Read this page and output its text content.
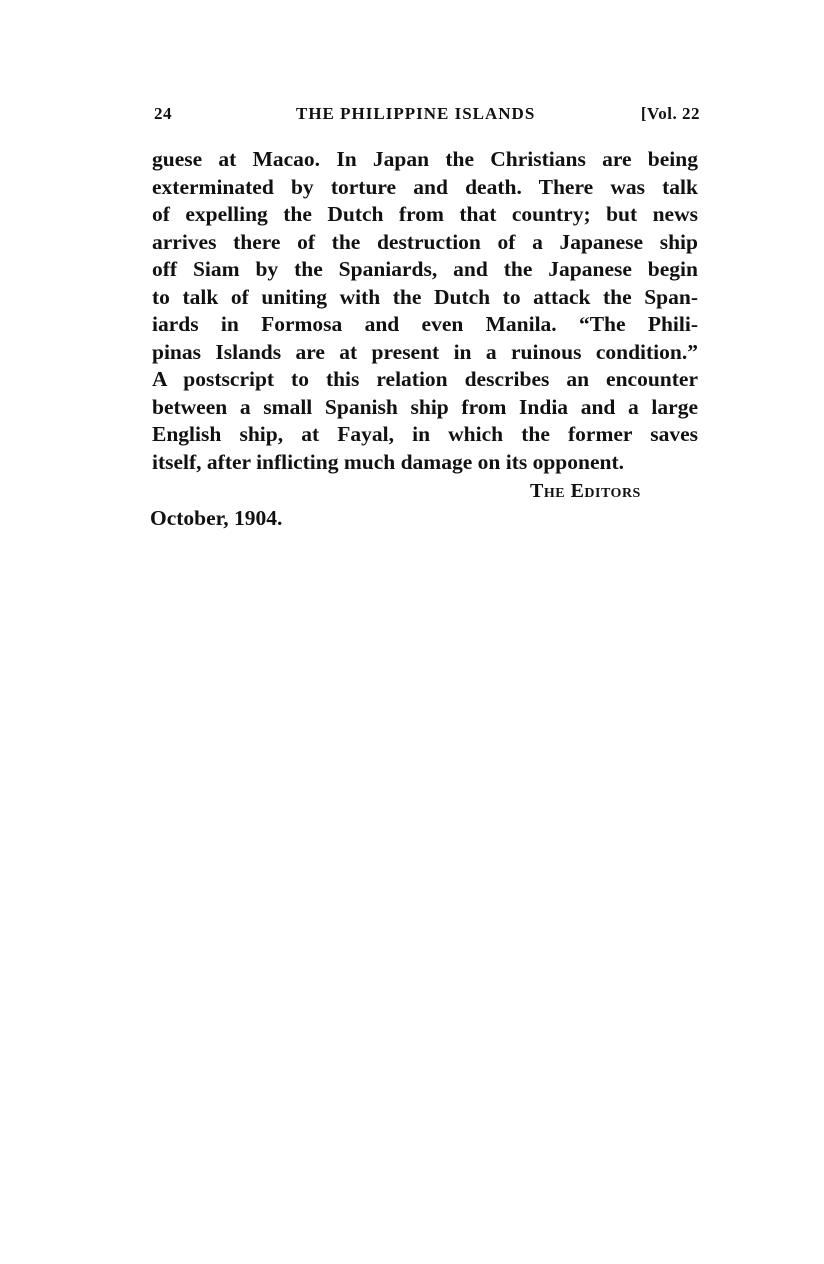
24	THE PHILIPPINE ISLANDS	[Vol. 22
guese at Macao. In Japan the Christians are being
exterminated by torture and death. There was talk
of expelling the Dutch from that country; but news
arrives there of the destruction of a Japanese ship
off Siam by the Spaniards, and the Japanese begin
to talk of uniting with the Dutch to attack the Span-
iards in Formosa and even Manila. “The Phili-
pinas Islands are at present in a ruinous condition.”
A postscript to this relation describes an encounter
between a small Spanish ship from India and a large
English ship, at Fayal, in which the former saves
itself, after inflicting much damage on its opponent.
The Editors
October, 1904.
